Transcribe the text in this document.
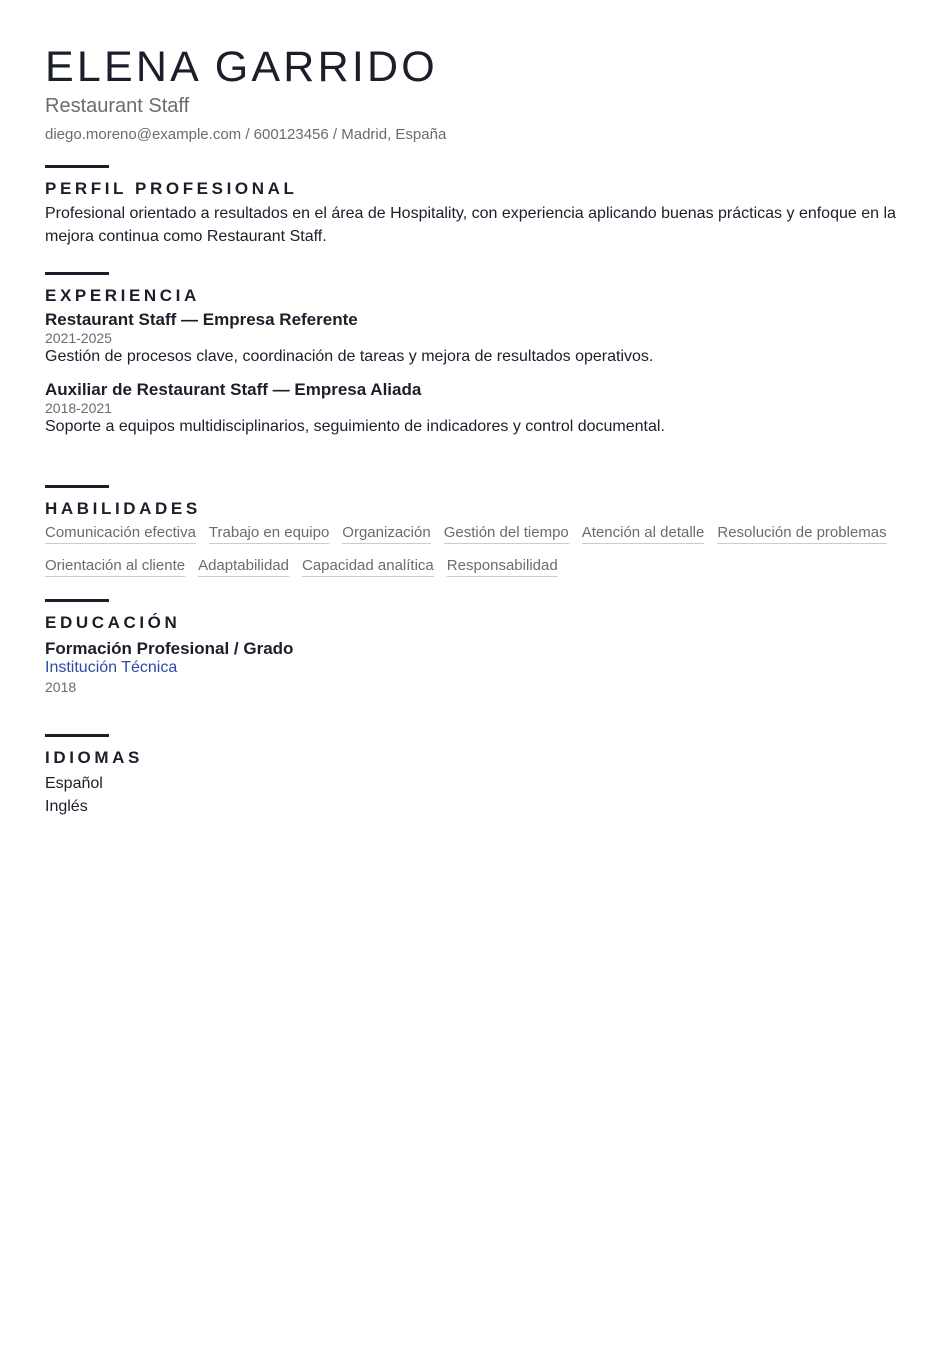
ELENA GARRIDO
Restaurant Staff
diego.moreno@example.com / 600123456 / Madrid, España
PERFIL PROFESIONAL
Profesional orientado a resultados en el área de Hospitality, con experiencia aplicando buenas prácticas y enfoque en la mejora continua como Restaurant Staff.
EXPERIENCIA
Restaurant Staff — Empresa Referente
2021-2025
Gestión de procesos clave, coordinación de tareas y mejora de resultados operativos.
Auxiliar de Restaurant Staff — Empresa Aliada
2018-2021
Soporte a equipos multidisciplinarios, seguimiento de indicadores y control documental.
HABILIDADES
Comunicación efectiva Trabajo en equipo Organización Gestión del tiempo Atención al detalle Resolución de problemas
Orientación al cliente Adaptabilidad Capacidad analítica Responsabilidad
EDUCACIÓN
Formación Profesional / Grado
Institución Técnica
2018
IDIOMAS
Español
Inglés
